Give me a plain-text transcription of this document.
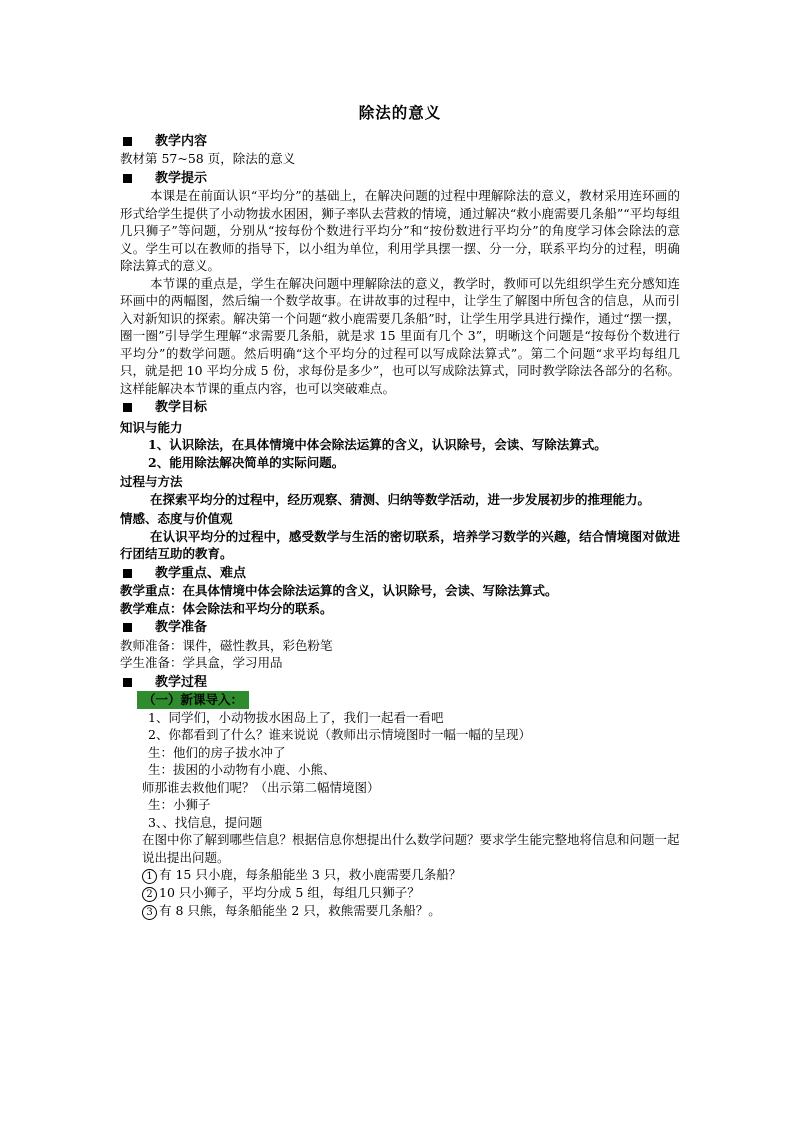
除法的意义
教学内容

教材第 57~58 页，除法的意义

教学提示

本课是在前面认识“平均分”的基础上，在解决问题的过程中理解除法的意义，教材采用连环画的形式给学生提供了小动物拔水困困，狮子率队去营救的情境，通过解决“救小鹿需要几条船”“平均每组几只狮子”等问题，分别从“按每份个数进行平均分”和“按份数进行平均分”的角度学习体会除法的意义。学生可以在教师的指导下，以小组为单位，利用学具摆一摆、分一分，联系平均分的过程，明确除法算式的意义。

本节课的重点是，学生在解决问题中理解除法的意义，教学时，教师可以先组织学生充分感知连环画中的两幅图，然后编一个数学故事。在讲故事的过程中，让学生了解图中所包含的信息，从而引入对新知识的探索。解决第一个问题“救小鹿需要几条船”时，让学生用学具进行操作，通过“摆一摆，圈一圈”引导学生理解“求需要几条船，就是求 15 里面有几个 3”，明晰这个问题是“按每份个数进行平均分”的数学问题。然后明确“这个平均分的过程可以写成除法算式”。第二个问题“求平均每组几只，就是把 10 平均分成 5 份，求每份是多少”，也可以写成除法算式，同时教学除法各部分的名称。这样能解决本节课的重点内容，也可以突破难点。

教学目标

知识与能力

1、认识除法，在具体情境中体会除法运算的含义，认识除号，会读、写除法算式。

2、能用除法解决简单的实际问题。

过程与方法

在探索平均分的过程中，经历观察、猜测、归纳等数学活动，进一步发展初步的推理能力。

情感、态度与价值观

在认识平均分的过程中，感受数学与生活的密切联系，培养学习数学的兴趣，结合情境图对做进行团结互助的教育。

教学重点、难点

教学重点：在具体情境中体会除法运算的含义，认识除号，会读、写除法算式。

教学难点：体会除法和平均分的联系。

教学准备

教师准备：课件，磁性教具，彩色粉笔

学生准备：学具盒，学习用品

教学过程
（一）新课导入：

1、同学们，小动物拔水困岛上了，我们一起看一看吧

2、你都看到了什么？谁来说说（教师出示情境图时一幅一幅的呈现）

生：他们的房子拔水冲了

生：拔困的小动物有小鹿、小熊、

师那谁去救他们呢？（出示第二幅情境图）

生：小狮子

3、、找信息，提问题

在图中你了解到哪些信息？根据信息你想提出什么数学问题？要求学生能完整地将信息和问题一起说出提出问题。

1 有 15 只小鹿，每条船能坐 3 只，救小鹿需要几条船？

2 10 只小狮子，平均分成 5 组，每组几只狮子？

3 有 8 只熊，每条船能坐 2 只，救熊需要几条船？。
